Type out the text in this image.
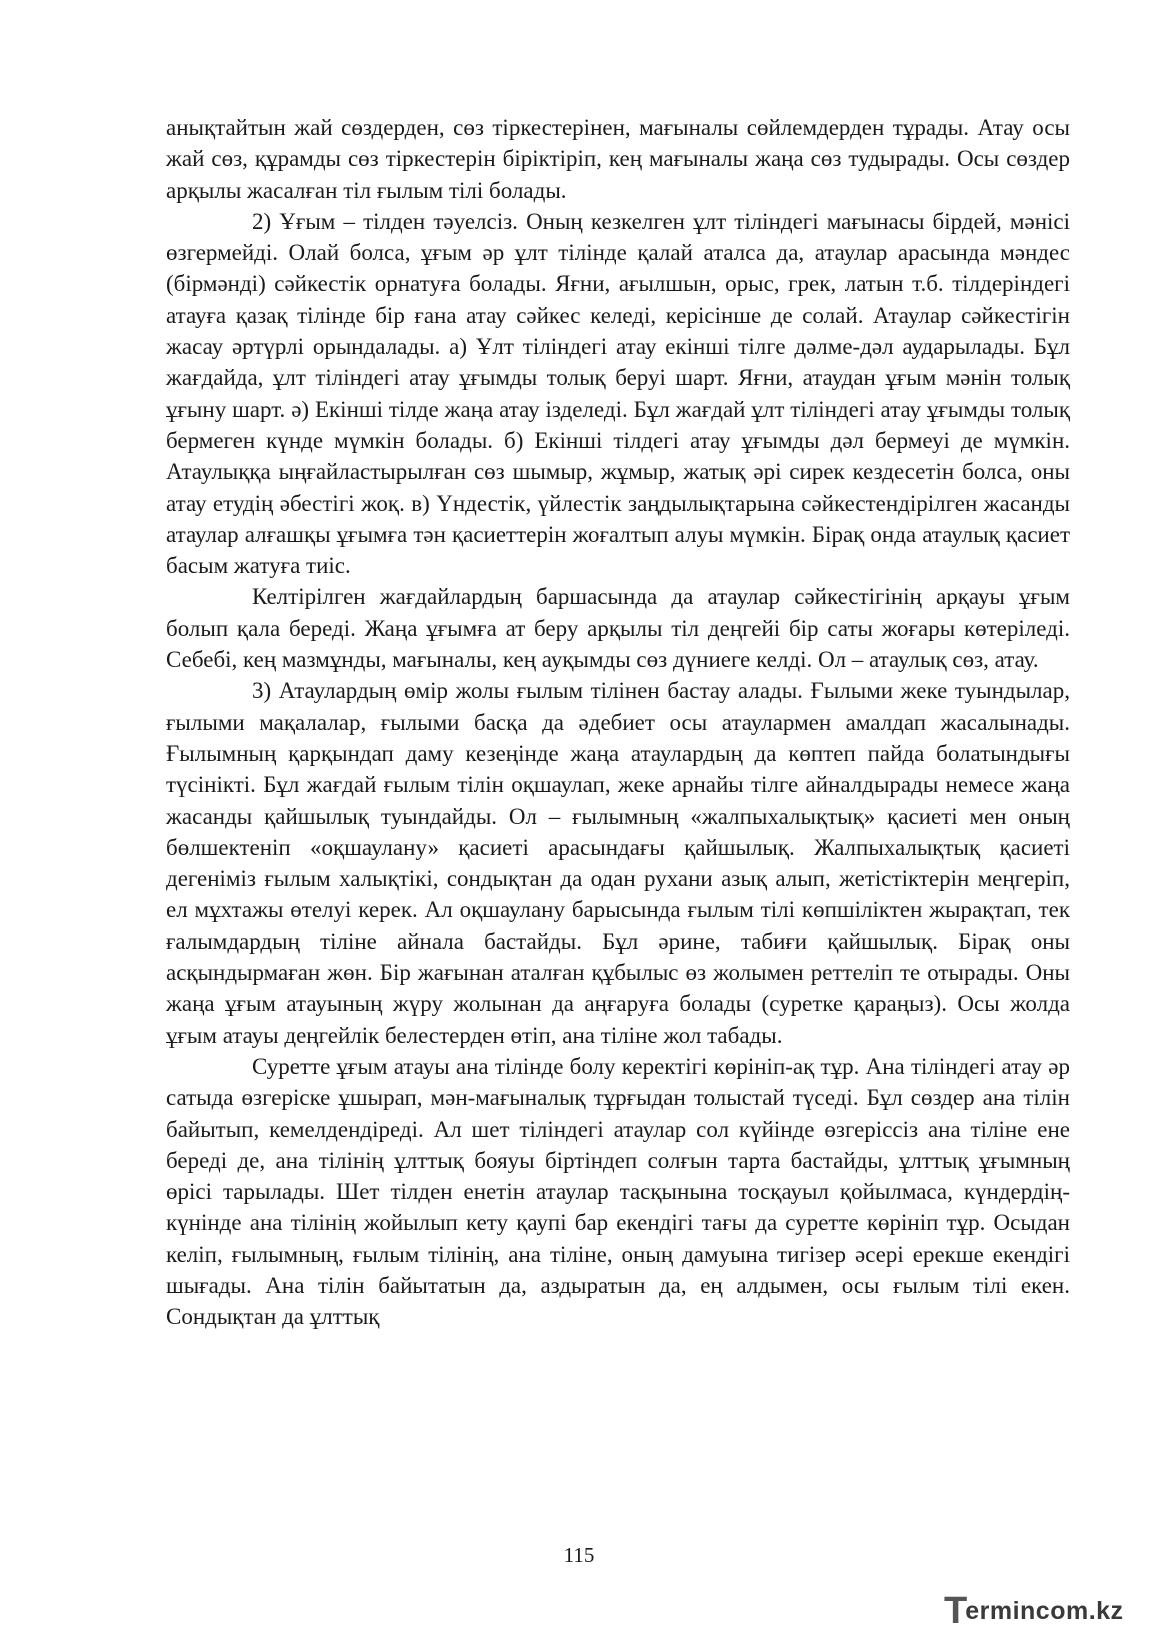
анықтайтын жай сөздерден, сөз тіркестерінен, мағыналы сөйлемдерден тұрады. Атау осы жай сөз, құрамды сөз тіркестерін біріктіріп, кең мағыналы жаңа сөз тудырады. Осы сөздер арқылы жасалған тіл ғылым тілі болады.

2) Ұғым – тілден тәуелсіз. Оның кезкелген ұлт тіліндегі мағынасы бірдей, мәнісі өзгермейді. Олай болса, ұғым әр ұлт тілінде қалай аталса да, атаулар арасында мәндес (бірмәнді) сәйкестік орнатуға болады. Яғни, ағылшын, орыс, грек, латын т.б. тілдеріндегі атауға қазақ тілінде бір ғана атау сәйкес келеді, керісінше де солай. Атаулар сәйкестігін жасау әртүрлі орындалады. а) Ұлт тіліндегі атау екінші тілге дәлме-дәл аударылады. Бұл жағдайда, ұлт тіліндегі атау ұғымды толық беруі шарт. Яғни, атаудан ұғым мәнін толық ұғыну шарт. ә) Екінші тілде жаңа атау ізделеді. Бұл жағдай ұлт тіліндегі атау ұғымды толық бермеген күнде мүмкін болады. б) Екінші тілдегі атау ұғымды дәл бермеуі де мүмкін. Атаулыққа ыңғайластырылған сөз шымыр, жұмыр, жатық әрі сирек кездесетін болса, оны атау етудің әбестігі жоқ. в) Үндестік, үйлестік заңдылықтарына сәйкестендірілген жасанды атаулар алғашқы ұғымға тән қасиеттерін жоғалтып алуы мүмкін. Бірақ онда атаулық қасиет басым жатуға тиіс.

Келтірілген жағдайлардың баршасында да атаулар сәйкестігінің арқауы ұғым болып қала береді. Жаңа ұғымға ат беру арқылы тіл деңгейі бір саты жоғары көтеріледі. Себебі, кең мазмұнды, мағыналы, кең ауқымды сөз дүниеге келді. Ол – атаулық сөз, атау.

3) Атаулардың өмір жолы ғылым тілінен бастау алады. Ғылыми жеке туындылар, ғылыми мақалалар, ғылыми басқа да әдебиет осы атаулармен амалдап жасалынады. Ғылымның қарқындап даму кезеңінде жаңа атаулардың да көптеп пайда болатындығы түсінікті. Бұл жағдай ғылым тілін оқшаулап, жеке арнайы тілге айналдырады немесе жаңа жасанды қайшылық туындайды. Ол – ғылымның «жалпыхалықтық» қасиеті мен оның бөлшектеніп «оқшаулану» қасиеті арасындағы қайшылық. Жалпыхалықтық қасиеті дегеніміз ғылым халықтікі, сондықтан да одан рухани азық алып, жетістіктерін меңгеріп, ел мұхтажы өтелуі керек. Ал оқшаулану барысында ғылым тілі көпшіліктен жырақтап, тек ғалымдардың тіліне айнала бастайды. Бұл әрине, табиғи қайшылық. Бірақ оны асқындырмаған жөн. Бір жағынан аталған құбылыс өз жолымен реттеліп те отырады. Оны жаңа ұғым атауының жүру жолынан да аңғаруға болады (суретке қараңыз). Осы жолда ұғым атауы деңгейлік белестерден өтіп, ана тіліне жол табады.

Суретте ұғым атауы ана тілінде болу керектігі көрініп-ақ тұр. Ана тіліндегі атау әр сатыда өзгеріске ұшырап, мән-мағыналық тұрғыдан толыстай түседі. Бұл сөздер ана тілін байытып, кемелдендіреді. Ал шет тіліндегі атаулар сол күйінде өзгеріссіз ана тіліне ене береді де, ана тілінің ұлттық бояуы біртіндеп солғын тарта бастайды, ұлттық ұғымның өрісі тарылады. Шет тілден енетін атаулар тасқынына тосқауыл қойылмаса, күндердің-күнінде ана тілінің жойылып кету қаупі бар екендігі тағы да суретте көрініп тұр. Осыдан келіп, ғылымның, ғылым тілінің, ана тіліне, оның дамуына тигізер әсері ерекше екендігі шығады. Ана тілін байытатын да, аздыратын да, ең алдымен, осы ғылым тілі екен. Сондықтан да ұлттық

115
Termincom.kz
